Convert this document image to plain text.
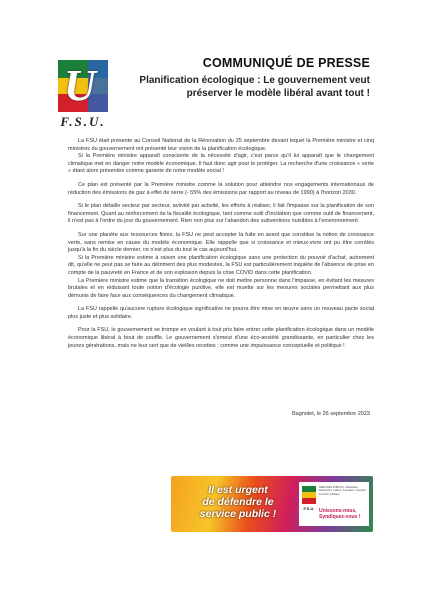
U
F.S.U.
COMMUNIQUÉ DE PRESSE
Planification écologique : Le gouvernement veut
préserver le modèle libéral avant tout !

La FSU était présente au Conseil National de la Rénovation du 25 septembre devant lequel la Première ministre et cinq ministres du gouvernement ont présenté leur vision de la planification écologique.

Si la Première ministre apparaît consciente de la nécessité d'agir, c'est parce qu'il lui apparaît que le changement climatique met en danger notre modèle économique. Il faut donc agir pour le protéger. La recherche d'une croissance « verte » étant alors présentée comme garante de notre modèle social !

Ce plan est présenté par la Première ministre comme la solution pour atteindre nos engagements internationaux de réduction des émissions de gaz à effet de serre (- 55% des émissions par rapport au niveau de 1990) à l'horizon 2030.

Si le plan détaille secteur par secteur, activité par activité, les efforts à réaliser, il fait l'impasse sur la planification de son financement. Quant au renforcement de la fiscalité écologique, tant comme outil d'incitation que comme outil de financement, il n'est pas à l'ordre du jour du gouvernement. Rien non plus sur l'abandon des subventions nuisibles à l'environnement.

Sur une planète aux ressources finies, la FSU ne peut accepter la fuite en avant que constitue la notion de croissance verte, sans remise en cause du modèle économique. Elle rappelle que si croissance et mieux-vivre ont pu être corrélés jusqu'à la fin du siècle dernier, ce n'est plus du tout le cas aujourd'hui.

Si la Première ministre estime à raison une planification écologique sans une protection du pouvoir d'achat, autrement dit, qu'elle ne peut pas se faire au détriment des plus modestes, la FSU est particulièrement inquiète de l'absence de prise en compte de la pauvreté en France et de son explosion depuis la crise COVID dans cette planification.

La Première ministre estime que la transition écologique ne doit mettre personne dans l'impasse, en évitant les mesures brutales et en réduisant toute notion d'écologie punitive, elle est muette sur les mesures sociales permettant aux plus démunis de faire face aux conséquences du changement climatique.

La FSU rappelle qu'aucune rupture écologique significative ne pourra être mise en œuvre sans un nouveau pacte social plus juste et plus solidaire.

Pour la FSU, le gouvernement se trompe en voulant à tout prix faire entrer cette planification écologique dans un modèle économique libéral à bout de souffle. Le gouvernement s'emeut d'une éco-anxiété grandissante, en particulier chez les jeunes générations, mais ne leur sert que de vieilles recettes ; comme une impuissance conceptuelle et politique !

Bagnolet, le 26 septembre 2023
Il est urgent
de défendre le
service public !	F.S.U.
SERVICES PUBLICS • Éducation, Recherche, Culture, Formation, Insertion, Fonction publique
Unissons-nous,
Syndiquez-vous !
